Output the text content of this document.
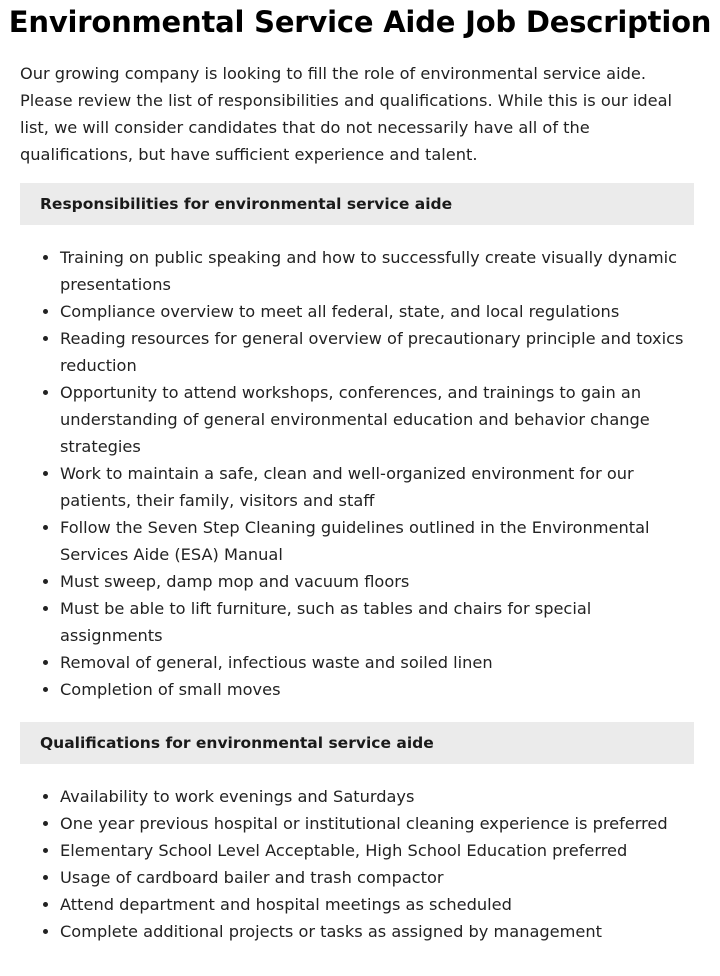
Environmental Service Aide Job Description

Our growing company is looking to fill the role of environmental service aide. Please review the list of responsibilities and qualifications. While this is our ideal list, we will consider candidates that do not necessarily have all of the qualifications, but have sufficient experience and talent.

Responsibilities for environmental service aide
Training on public speaking and how to successfully create visually dynamic presentations
Compliance overview to meet all federal, state, and local regulations
Reading resources for general overview of precautionary principle and toxics reduction
Opportunity to attend workshops, conferences, and trainings to gain an understanding of general environmental education and behavior change strategies
Work to maintain a safe, clean and well-organized environment for our patients, their family, visitors and staff
Follow the Seven Step Cleaning guidelines outlined in the Environmental Services Aide (ESA) Manual
Must sweep, damp mop and vacuum floors
Must be able to lift furniture, such as tables and chairs for special assignments
Removal of general, infectious waste and soiled linen
Completion of small moves
Qualifications for environmental service aide
Availability to work evenings and Saturdays
One year previous hospital or institutional cleaning experience is preferred
Elementary School Level Acceptable, High School Education preferred
Usage of cardboard bailer and trash compactor
Attend department and hospital meetings as scheduled
Complete additional projects or tasks as assigned by management
